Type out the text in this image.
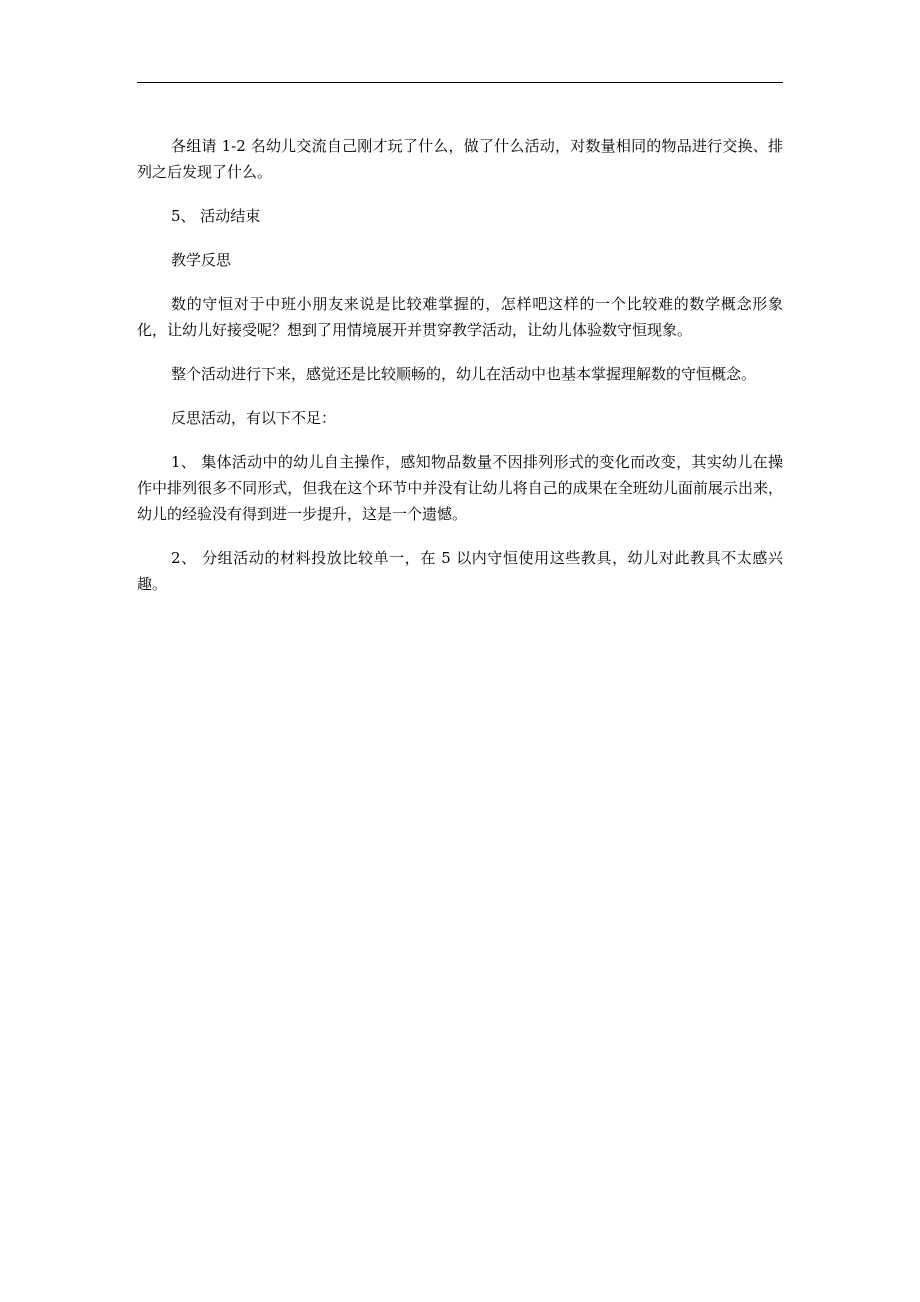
各组请 1-2 名幼儿交流自己刚才玩了什么，做了什么活动，对数量相同的物品进行交换、排列之后发现了什么。

5、 活动结束

教学反思

数的守恒对于中班小朋友来说是比较难掌握的，怎样吧这样的一个比较难的数学概念形象化，让幼儿好接受呢？想到了用情境展开并贯穿教学活动，让幼儿体验数守恒现象。

整个活动进行下来，感觉还是比较顺畅的，幼儿在活动中也基本掌握理解数的守恒概念。

反思活动，有以下不足：

1、 集体活动中的幼儿自主操作，感知物品数量不因排列形式的变化而改变，其实幼儿在操作中排列很多不同形式，但我在这个环节中并没有让幼儿将自己的成果在全班幼儿面前展示出来，幼儿的经验没有得到进一步提升，这是一个遗憾。

2、 分组活动的材料投放比较单一，在 5 以内守恒使用这些教具，幼儿对此教具不太感兴趣。
